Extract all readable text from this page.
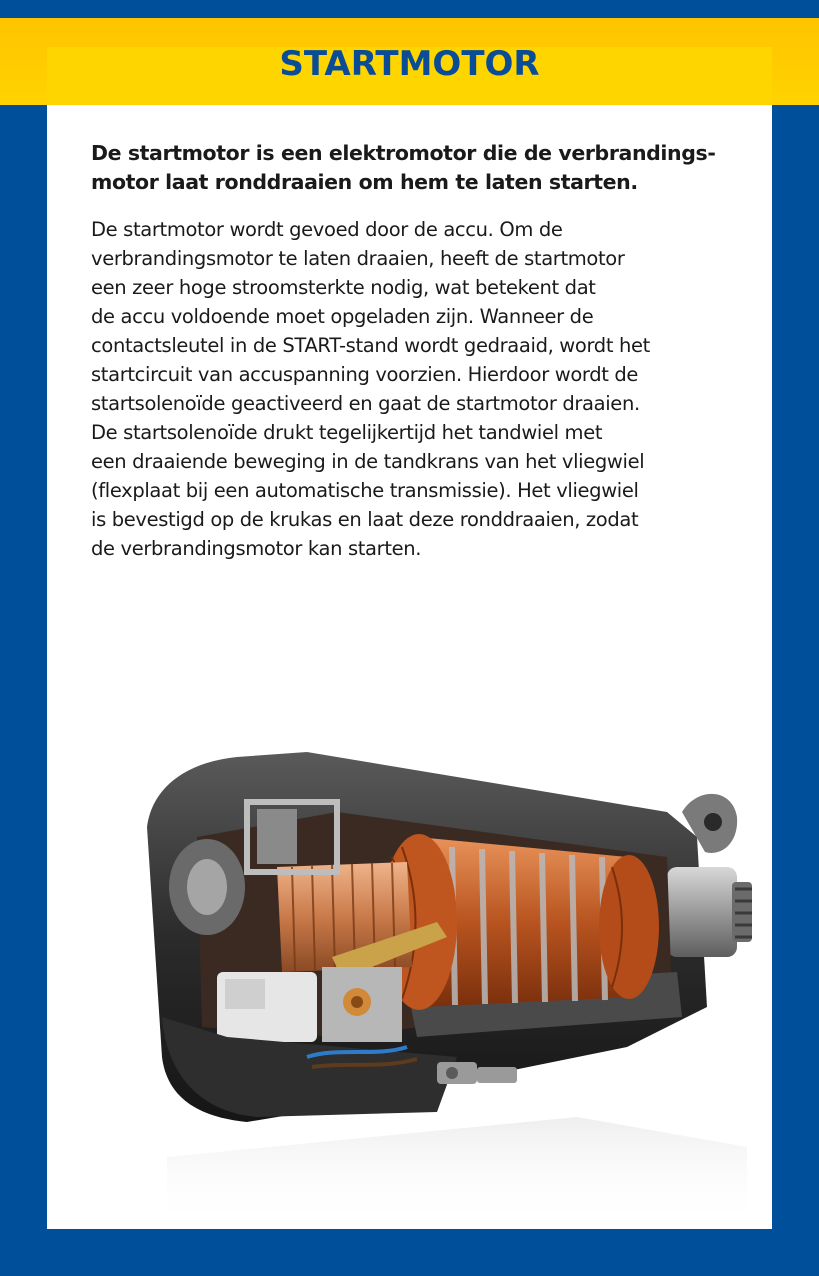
STARTMOTOR

De startmotor is een elektromotor die de verbrandings-
motor laat ronddraaien om hem te laten starten.

De startmotor wordt gevoed door de accu. Om de
verbrandingsmotor te laten draaien, heeft de startmotor
een zeer hoge stroomsterkte nodig, wat betekent dat
de accu voldoende moet opgeladen zijn. Wanneer de
contactsleutel in de START-stand wordt gedraaid, wordt het
startcircuit van accuspanning voorzien. Hierdoor wordt de
startsolenoïde geactiveerd en gaat de startmotor draaien.
De startsolenoïde drukt tegelijkertijd het tandwiel met
een draaiende beweging in de tandkrans van het vliegwiel
(flexplaat bij een automatische transmissie). Het vliegwiel
is bevestigd op de krukas en laat deze ronddraaien, zodat
de verbrandingsmotor kan starten.
